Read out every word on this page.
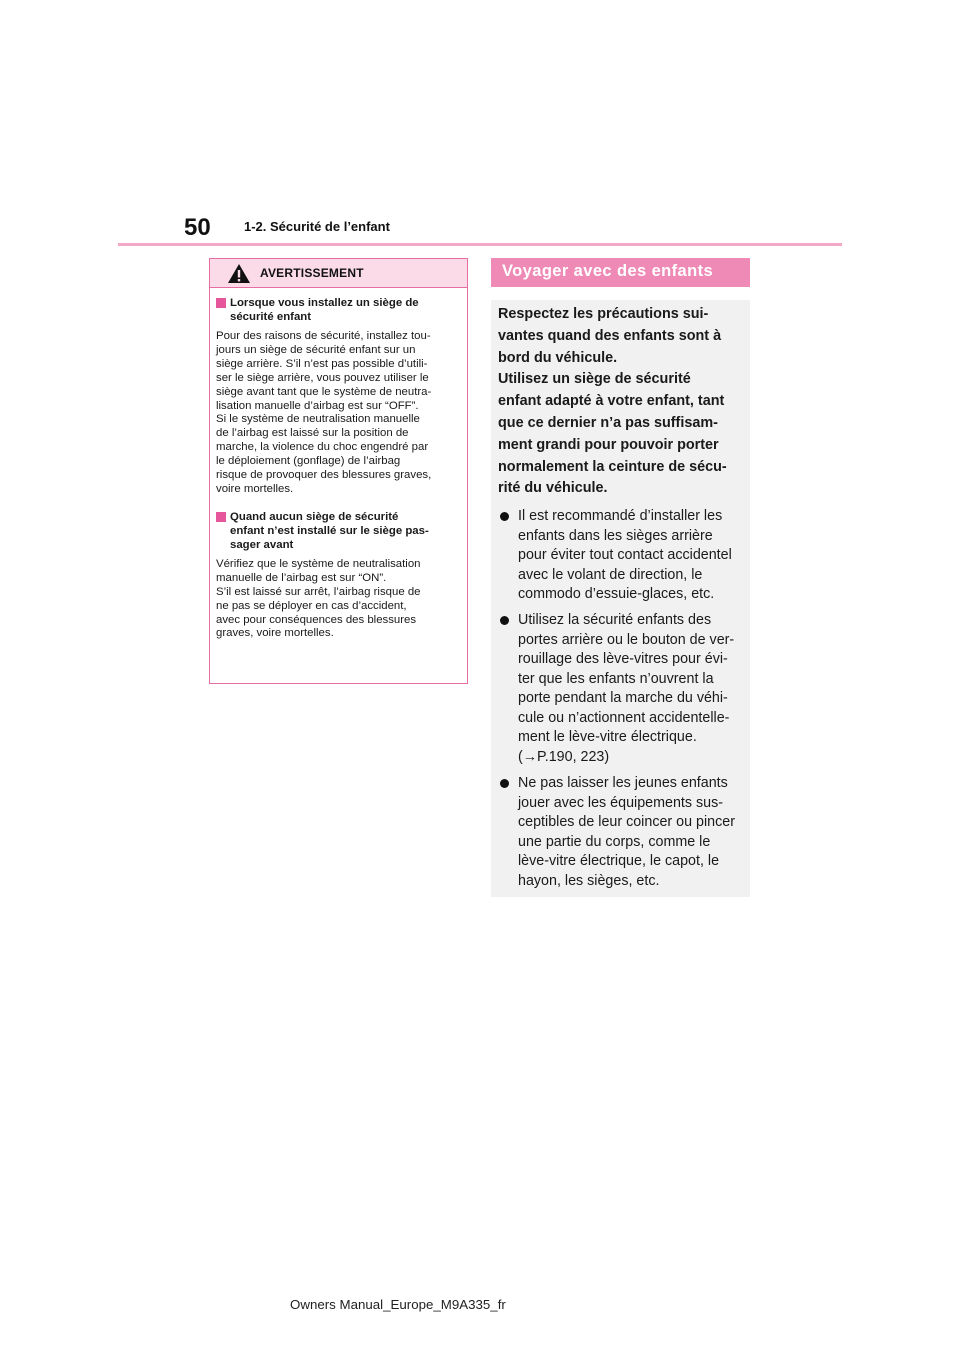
50	1-2. Sécurité de l’enfant
AVERTISSEMENT
Lorsque vous installez un siège de
sécurité enfant
Pour des raisons de sécurité, installez tou-
jours un siège de sécurité enfant sur un
siège arrière. S’il n’est pas possible d’utili-
ser le siège arrière, vous pouvez utiliser le
siège avant tant que le système de neutra-
lisation manuelle d’airbag est sur “OFF”.
Si le système de neutralisation manuelle
de l’airbag est laissé sur la position de
marche, la violence du choc engendré par
le déploiement (gonflage) de l’airbag
risque de provoquer des blessures graves,
voire mortelles.
Quand aucun siège de sécurité
enfant n’est installé sur le siège pas-
sager avant
Vérifiez que le système de neutralisation
manuelle de l’airbag est sur “ON”.
S’il est laissé sur arrêt, l’airbag risque de
ne pas se déployer en cas d’accident,
avec pour conséquences des blessures
graves, voire mortelles.
Voyager avec des enfants
Respectez les précautions sui-
vantes quand des enfants sont à
bord du véhicule.
Utilisez un siège de sécurité
enfant adapté à votre enfant, tant
que ce dernier n’a pas suffisam-
ment grandi pour pouvoir porter
normalement la ceinture de sécu-
rité du véhicule.
Il est recommandé d’installer les
enfants dans les sièges arrière
pour éviter tout contact accidentel
avec le volant de direction, le
commodo d’essuie-glaces, etc.
Utilisez la sécurité enfants des
portes arrière ou le bouton de ver-
rouillage des lève-vitres pour évi-
ter que les enfants n’ouvrent la
porte pendant la marche du véhi-
cule ou n’actionnent accidentelle-
ment le lève-vitre électrique.
(→P.190, 223)
Ne pas laisser les jeunes enfants
jouer avec les équipements sus-
ceptibles de leur coincer ou pincer
une partie du corps, comme le
lève-vitre électrique, le capot, le
hayon, les sièges, etc.
Owners Manual_Europe_M9A335_fr
